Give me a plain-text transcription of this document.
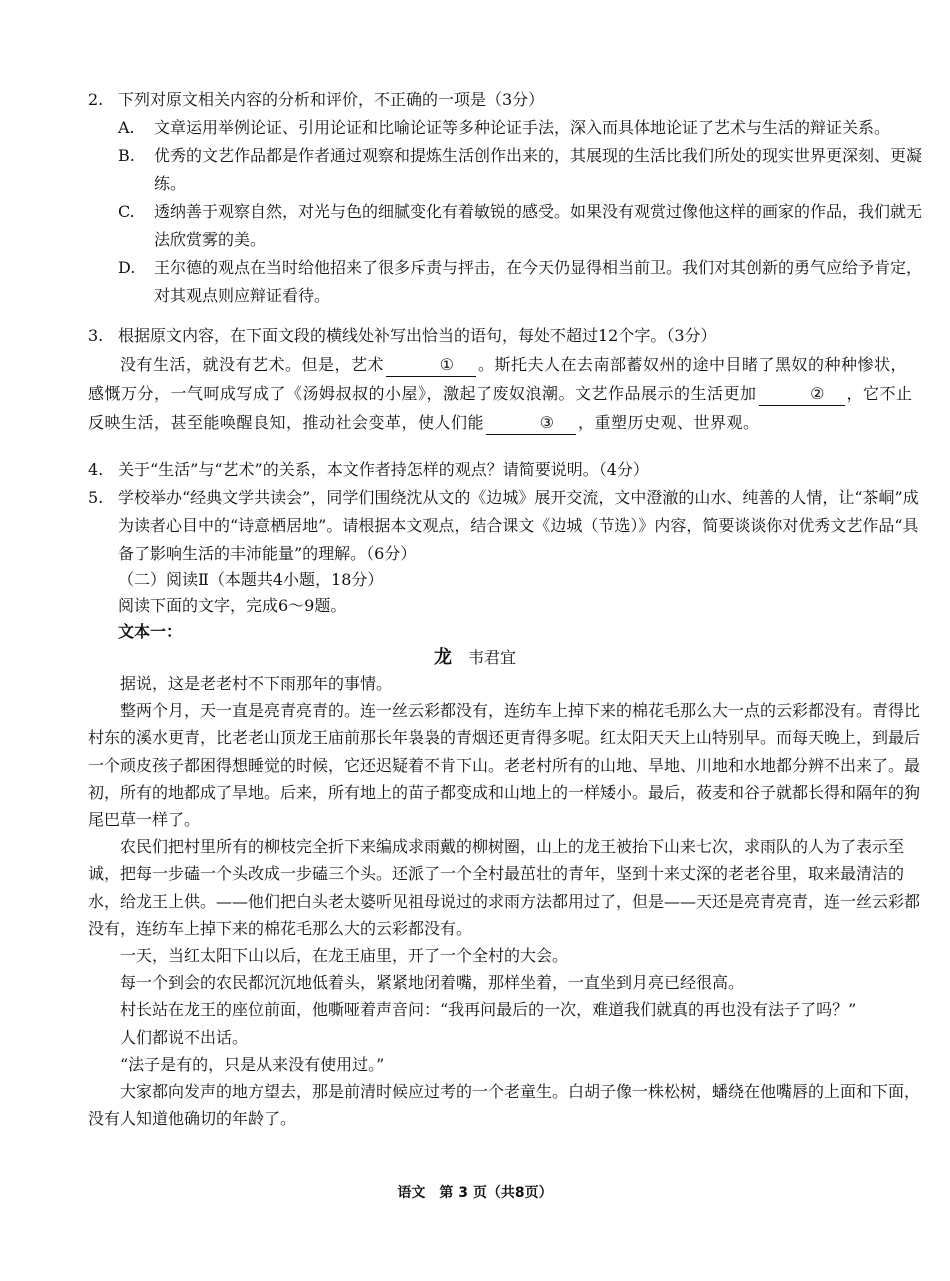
2. 下列对原文相关内容的分析和评价，不正确的一项是（3分）
A. 文章运用举例论证、引用论证和比喻论证等多种论证手法，深入而具体地论证了艺术与生活的辩证关系。
B. 优秀的文艺作品都是作者通过观察和提炼生活创作出来的，其展现的生活比我们所处的现实世界更深刻、更凝练。
C. 透纳善于观察自然，对光与色的细腻变化有着敏锐的感受。如果没有观赏过像他这样的画家的作品，我们就无法欣赏雾的美。
D. 王尔德的观点在当时给他招来了很多斥责与抨击，在今天仍显得相当前卫。我们对其创新的勇气应给予肯定，对其观点则应辩证看待。
3. 根据原文内容，在下面文段的横线处补写出恰当的语句，每处不超过12个字。（3分）
没有生活，就没有艺术。但是，艺术	① 。斯托夫人在去南部蓄奴州的途中目睹了黑奴的种种惨状，感慨万分，一气呵成写成了《汤姆叔叔的小屋》，激起了废奴浪潮。文艺作品展示的生活更加	② ，它不止反映生活，甚至能唤醒良知，推动社会变革，使人们能	③ ，重塑历史观、世界观。
4. 关于“生活”与“艺术”的关系，本文作者持怎样的观点？请简要说明。（4分）
5. 学校举办“经典文学共读会”，同学们围绕沈从文的《边城》展开交流，文中澄澈的山水、纯善的人情，让“茶峒”成为读者心目中的“诗意栖居地”。请根据本文观点，结合课文《边城（节选）》内容，简要谈谈你对优秀文艺作品“具备了影响生活的丰沛能量”的理解。（6分）
（二）阅读Ⅱ（本题共4小题，18分）
阅读下面的文字，完成6～9题。
文本一：
龙 韦君宜
据说，这是老老村不下雨那年的事情。
整两个月，天一直是亮青亮青的。连一丝云彩都没有，连纺车上掉下来的棉花毛那么大一点的云彩都没有。青得比村东的溪水更青，比老老山顶龙王庙前那长年袅袅的青烟还更青得多呢。红太阳天天上山特别早。而每天晚上，到最后一个顽皮孩子都困得想睡觉的时候，它还迟疑着不肯下山。老老村所有的山地、旱地、川地和水地都分辨不出来了。最初，所有的地都成了旱地。后来，所有地上的苗子都变成和山地上的一样矮小。最后，莜麦和谷子就都长得和隔年的狗尾巴草一样了。
农民们把村里所有的柳枝完全折下来编成求雨戴的柳树圈，山上的龙王被抬下山来七次，求雨队的人为了表示至诚，把每一步磕一个头改成一步磕三个头。还派了一个全村最茁壮的青年，坚到十来丈深的老老谷里，取来最清洁的水，给龙王上供。——他们把白头老太婆听见祖母说过的求雨方法都用过了，但是——天还是亮青亮青，连一丝云彩都没有，连纺车上掉下来的棉花毛那么大的云彩都没有。
一天，当红太阳下山以后，在龙王庙里，开了一个全村的大会。
每一个到会的农民都沉沉地低着头，紧紧地闭着嘴，那样坐着，一直坐到月亮已经很高。
村长站在龙王的座位前面，他嘶哑着声音问：“我再问最后的一次，难道我们就真的再也没有法子了吗？”
人们都说不出话。
“法子是有的，只是从来没有使用过。”
大家都向发声的地方望去，那是前清时候应过考的一个老童生。白胡子像一株松树，蟠绕在他嘴唇的上面和下面，没有人知道他确切的年龄了。
语文　第 3 页（共8页）
